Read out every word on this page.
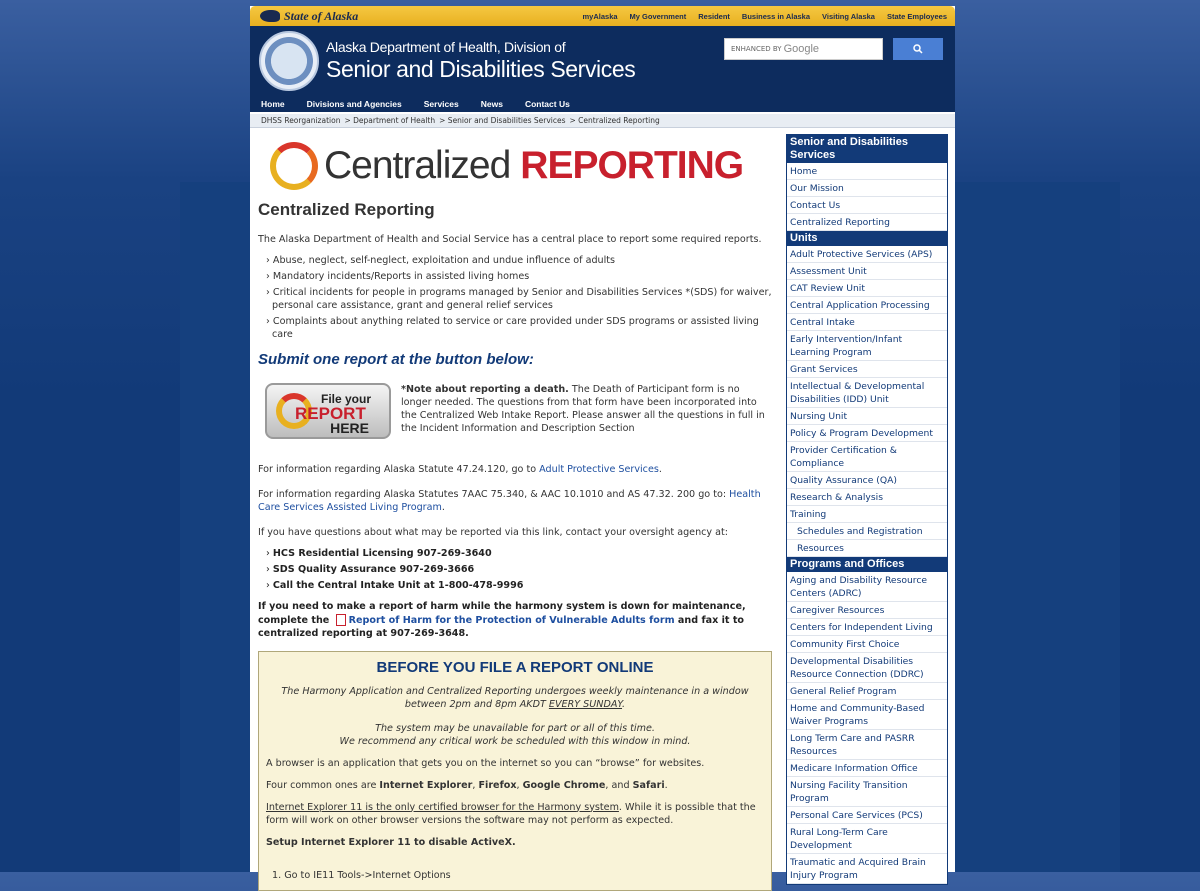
State of Alaska	myAlaska My Government Resident Business in Alaska Visiting Alaska State Employees
Alaska Department of Health, Division of
Senior and Disabilities Services
ENHANCED BY Google
Home	Divisions and Agencies	Services	News	Contact Us
DHSS Reorganization > Department of Health > Senior and Disabilities Services > Centralized Reporting
Centralized REPORTING
Centralized Reporting

The Alaska Department of Health and Social Service has a central place to report some required reports.

› Abuse, neglect, self-neglect, exploitation and undue influence of adults
› Mandatory incidents/Reports in assisted living homes
› Critical incidents for people in programs managed by Senior and Disabilities Services *(SDS) for waiver, personal care assistance, grant and general relief services
› Complaints about anything related to service or care provided under SDS programs or assisted living care
Submit one report at the button below:
File your
REPORT
HERE
*Note about reporting a death. The Death of Participant form is no longer needed. The questions from that form have been incorporated into the Centralized Web Intake Report. Please answer all the questions in full in the Incident Information and Description Section

For information regarding Alaska Statute 47.24.120, go to Adult Protective Services.

For information regarding Alaska Statutes 7AAC 75.340, & AAC 10.1010 and AS 47.32. 200 go to: Health Care Services Assisted Living Program.

If you have questions about what may be reported via this link, contact your oversight agency at:

› HCS Residential Licensing 907-269-3640
› SDS Quality Assurance 907-269-3666
› Call the Central Intake Unit at 1-800-478-9996

If you need to make a report of harm while the harmony system is down for maintenance, complete the Report of Harm for the Protection of Vulnerable Adults form and fax it to centralized reporting at 907-269-3648.

BEFORE YOU FILE A REPORT ONLINE

The Harmony Application and Centralized Reporting undergoes weekly maintenance in a window between 2pm and 8pm AKDT EVERY SUNDAY.

The system may be unavailable for part or all of this time.
We recommend any critical work be scheduled with this window in mind.

A browser is an application that gets you on the internet so you can “browse” for websites.

Four common ones are Internet Explorer, Firefox, Google Chrome, and Safari.

Internet Explorer 11 is the only certified browser for the Harmony system. While it is possible that the form will work on other browser versions the software may not perform as expected.

Setup Internet Explorer 11 to disable ActiveX.

1. Go to IE11 Tools->Internet Options

Senior and Disabilities Services
Home
Our Mission
Contact Us
Centralized Reporting
Units
Adult Protective Services (APS)
Assessment Unit
CAT Review Unit
Central Application Processing
Central Intake
Early Intervention/Infant Learning Program
Grant Services
Intellectual & Developmental Disabilities (IDD) Unit
Nursing Unit
Policy & Program Development
Provider Certification & Compliance
Quality Assurance (QA)
Research & Analysis
Training
Schedules and Registration
Resources
Programs and Offices
Aging and Disability Resource Centers (ADRC)
Caregiver Resources
Centers for Independent Living
Community First Choice
Developmental Disabilities Resource Connection (DDRC)
General Relief Program
Home and Community-Based Waiver Programs
Long Term Care and PASRR Resources
Medicare Information Office
Nursing Facility Transition Program
Personal Care Services (PCS)
Rural Long-Term Care Development
Traumatic and Acquired Brain Injury Program
